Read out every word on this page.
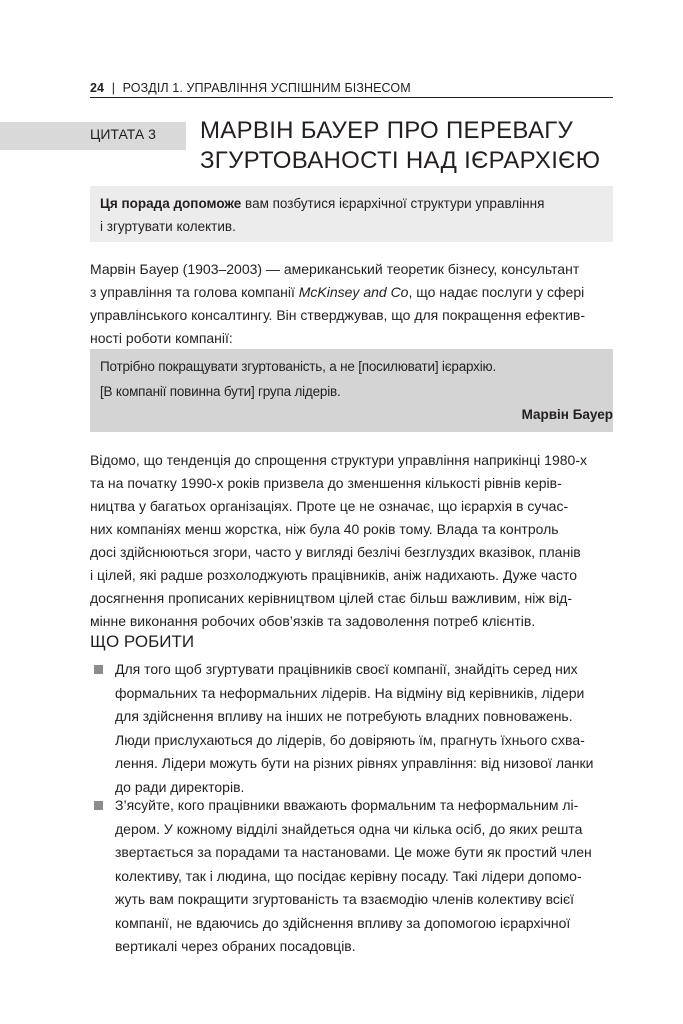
24 | РОЗДІЛ 1. УПРАВЛІННЯ УСПІШНИМ БІЗНЕСОМ
ЦИТАТА 3 МАРВІН БАУЕР ПРО ПЕРЕВАГУ
ЗГУРТОВАНОСТІ НАД ІЄРАРХІЄЮ
Ця порада допоможе вам позбутися ієрархічної структури управління
і згуртувати колектив.
Марвін Бауер (1903–2003) — американський теоретик бізнесу, консультант
з управління та голова компанії McKinsey and Co, що надає послуги у сфері
управлінського консалтингу. Він стверджував, що для покращення ефектив-
ності роботи компанії:
Потрібно покращувати згуртованість, а не [посилювати] ієрархію.
[В компанії повинна бути] група лідерів.
Марвін Бауер
Відомо, що тенденція до спрощення структури управління наприкінці 1980-х
та на початку 1990-х років призвела до зменшення кількості рівнів керів-
ництва у багатьох організаціях. Проте це не означає, що ієрархія в сучас-
них компаніях менш жорстка, ніж була 40 років тому. Влада та контроль
досі здійснюються згори, часто у вигляді безлічі безглуздих вказівок, планів
і цілей, які радше розхолоджують працівників, аніж надихають. Дуже часто
досягнення прописаних керівництвом цілей стає більш важливим, ніж від-
мінне виконання робочих обов’язків та задоволення потреб клієнтів.
ЩО РОБИТИ
Для того щоб згуртувати працівників своєї компанії, знайдіть серед них
формальних та неформальних лідерів. На відміну від керівників, лідери
для здійснення впливу на інших не потребують владних повноважень.
Люди прислухаються до лідерів, бо довіряють їм, прагнуть їхнього схва-
лення. Лідери можуть бути на різних рівнях управління: від низової ланки
до ради директорів.
З’ясуйте, кого працівники вважають формальним та неформальним лі-
дером. У кожному відділі знайдеться одна чи кілька осіб, до яких решта
звертається за порадами та настановами. Це може бути як простий член
колективу, так і людина, що посідає керівну посаду. Такі лідери допомо-
жуть вам покращити згуртованість та взаємодію членів колективу всієї
компанії, не вдаючись до здійснення впливу за допомогою ієрархічної
вертикалі через обраних посадовців.
